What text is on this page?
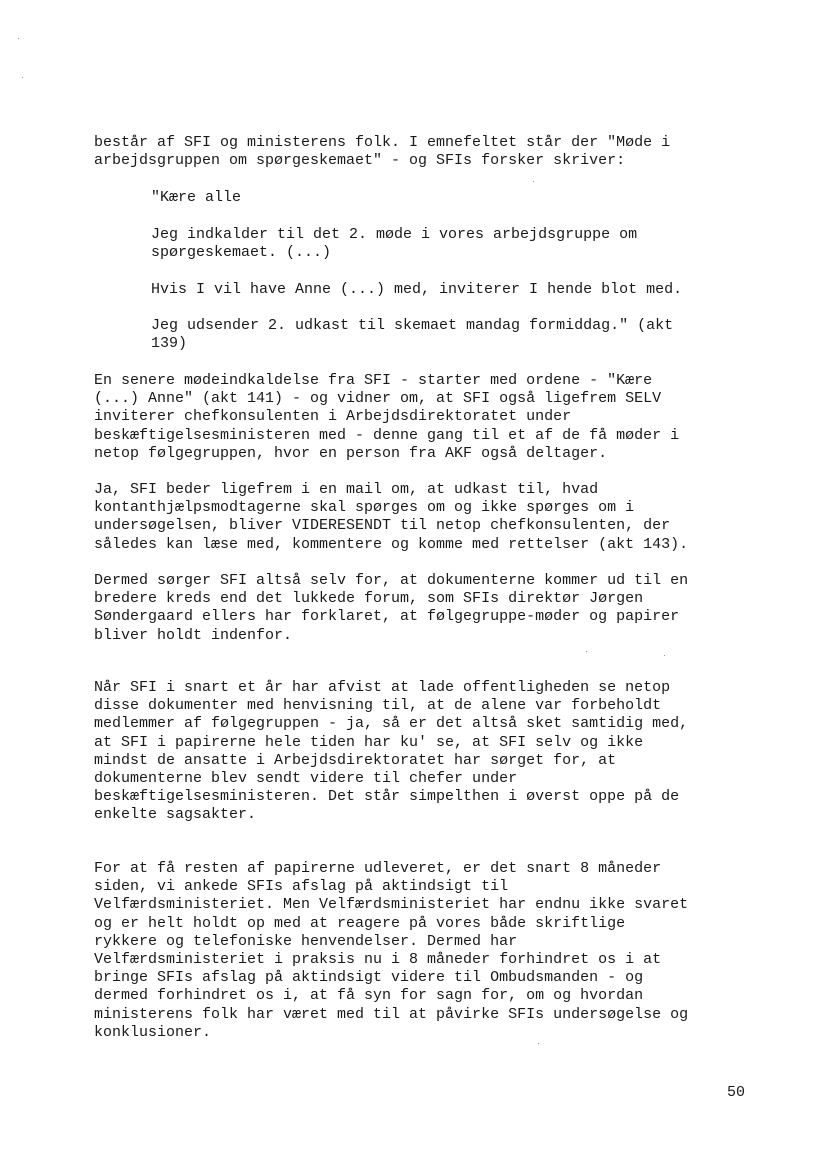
består af SFI og ministerens folk. I emnefeltet står der "Møde i
arbejdsgruppen om spørgeskemaet" - og SFIs forsker skriver:

"Kære alle

Jeg indkalder til det 2. møde i vores arbejdsgruppe om
spørgeskemaet. (...)

Hvis I vil have Anne (...) med, inviterer I hende blot med.

Jeg udsender 2. udkast til skemaet mandag formiddag." (akt
139)

En senere mødeindkaldelse fra SFI - starter med ordene - "Kære
(...) Anne" (akt 141) - og vidner om, at SFI også ligefrem SELV
inviterer chefkonsulenten i Arbejdsdirektoratet under
beskæftigelsesministeren med - denne gang til et af de få møder i
netop følgegruppen, hvor en person fra AKF også deltager.

Ja, SFI beder ligefrem i en mail om, at udkast til, hvad
kontanthjælpsmodtagerne skal spørges om og ikke spørges om i
undersøgelsen, bliver VIDERESENDT til netop chefkonsulenten, der
således kan læse med, kommentere og komme med rettelser (akt 143).

Dermed sørger SFI altså selv for, at dokumenterne kommer ud til en
bredere kreds end det lukkede forum, som SFIs direktør Jørgen
Søndergaard ellers har forklaret, at følgegruppe-møder og papirer
bliver holdt indenfor.

Når SFI i snart et år har afvist at lade offentligheden se netop
disse dokumenter med henvisning til, at de alene var forbeholdt
medlemmer af følgegruppen - ja, så er det altså sket samtidig med,
at SFI i papirerne hele tiden har ku' se, at SFI selv og ikke
mindst de ansatte i Arbejdsdirektoratet har sørget for, at
dokumenterne blev sendt videre til chefer under
beskæftigelsesministeren. Det står simpelthen i øverst oppe på de
enkelte sagsakter.

For at få resten af papirerne udleveret, er det snart 8 måneder
siden, vi ankede SFIs afslag på aktindsigt til
Velfærdsministeriet. Men Velfærdsministeriet har endnu ikke svaret
og er helt holdt op med at reagere på vores både skriftlige
rykkere og telefoniske henvendelser. Dermed har
Velfærdsministeriet i praksis nu i 8 måneder forhindret os i at
bringe SFIs afslag på aktindsigt videre til Ombudsmanden - og
dermed forhindret os i, at få syn for sagn for, om og hvordan
ministerens folk har været med til at påvirke SFIs undersøgelse og
konklusioner.

50
